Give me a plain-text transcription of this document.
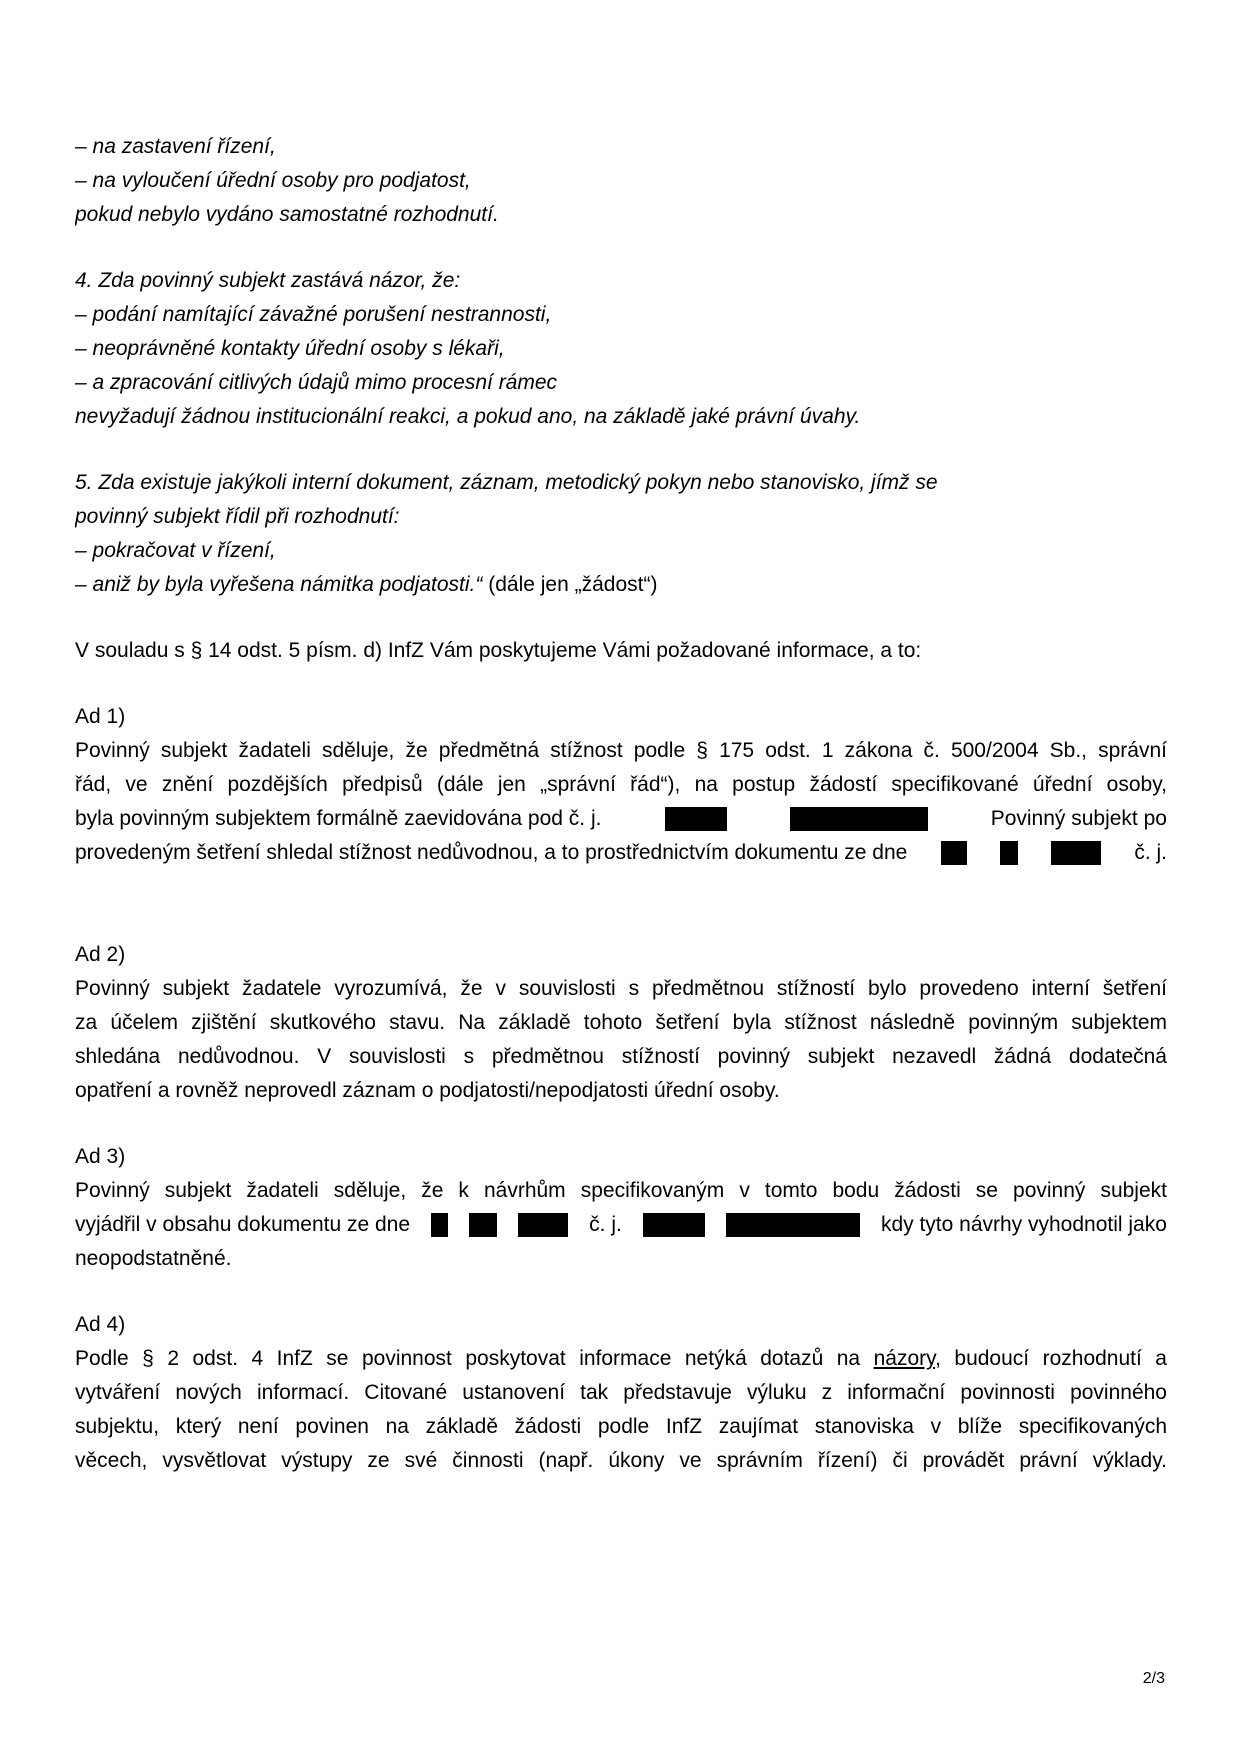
– na zastavení řízení,
– na vyloučení úřední osoby pro podjatost,
pokud nebylo vydáno samostatné rozhodnutí.
4. Zda povinný subjekt zastává názor, že:
– podání namítající závažné porušení nestrannosti,
– neoprávněné kontakty úřední osoby s lékaři,
– a zpracování citlivých údajů mimo procesní rámec
nevyžadují žádnou institucionální reakci, a pokud ano, na základě jaké právní úvahy.
5. Zda existuje jakýkoli interní dokument, záznam, metodický pokyn nebo stanovisko, jímž se
povinný subjekt řídil při rozhodnutí:
– pokračovat v řízení,
– aniž by byla vyřešena námitka podjatosti.“ (dále jen „žádost“)
V souladu s § 14 odst. 5 písm. d) InfZ Vám poskytujeme Vámi požadované informace, a to:
Ad 1)
Povinný subjekt žadateli sděluje, že předmětná stížnost podle § 175 odst. 1 zákona č. 500/2004 Sb., správní
řád, ve znění pozdějších předpisů (dále jen „správní řád“), na postup žádostí specifikované úřední osoby,
byla povinným subjektem formálně zaevidována pod č. j.	Povinný subjekt po
provedeným šetření shledal stížnost nedůvodnou, a to prostřednictvím dokumentu ze dne	č. j.

Ad 2)
Povinný subjekt žadatele vyrozumívá, že v souvislosti s předmětnou stížností bylo provedeno interní šetření
za účelem zjištění skutkového stavu. Na základě tohoto šetření byla stížnost následně povinným subjektem
shledána nedůvodnou. V souvislosti s předmětnou stížností povinný subjekt nezavedl žádná dodatečná
opatření a rovněž neprovedl záznam o podjatosti/nepodjatosti úřední osoby.
Ad 3)
Povinný subjekt žadateli sděluje, že k návrhům specifikovaným v tomto bodu žádosti se povinný subjekt
vyjádřil v obsahu dokumentu ze dne	č. j.	kdy tyto návrhy vyhodnotil jako
neopodstatněné.
Ad 4)
Podle § 2 odst. 4 InfZ se povinnost poskytovat informace netýká dotazů na názory, budoucí rozhodnutí a
vytváření nových informací. Citované ustanovení tak představuje výluku z informační povinnosti povinného
subjektu, který není povinen na základě žádosti podle InfZ zaujímat stanoviska v blíže specifikovaných
věcech, vysvětlovat výstupy ze své činnosti (např. úkony ve správním řízení) či provádět právní výklady.
2/3
